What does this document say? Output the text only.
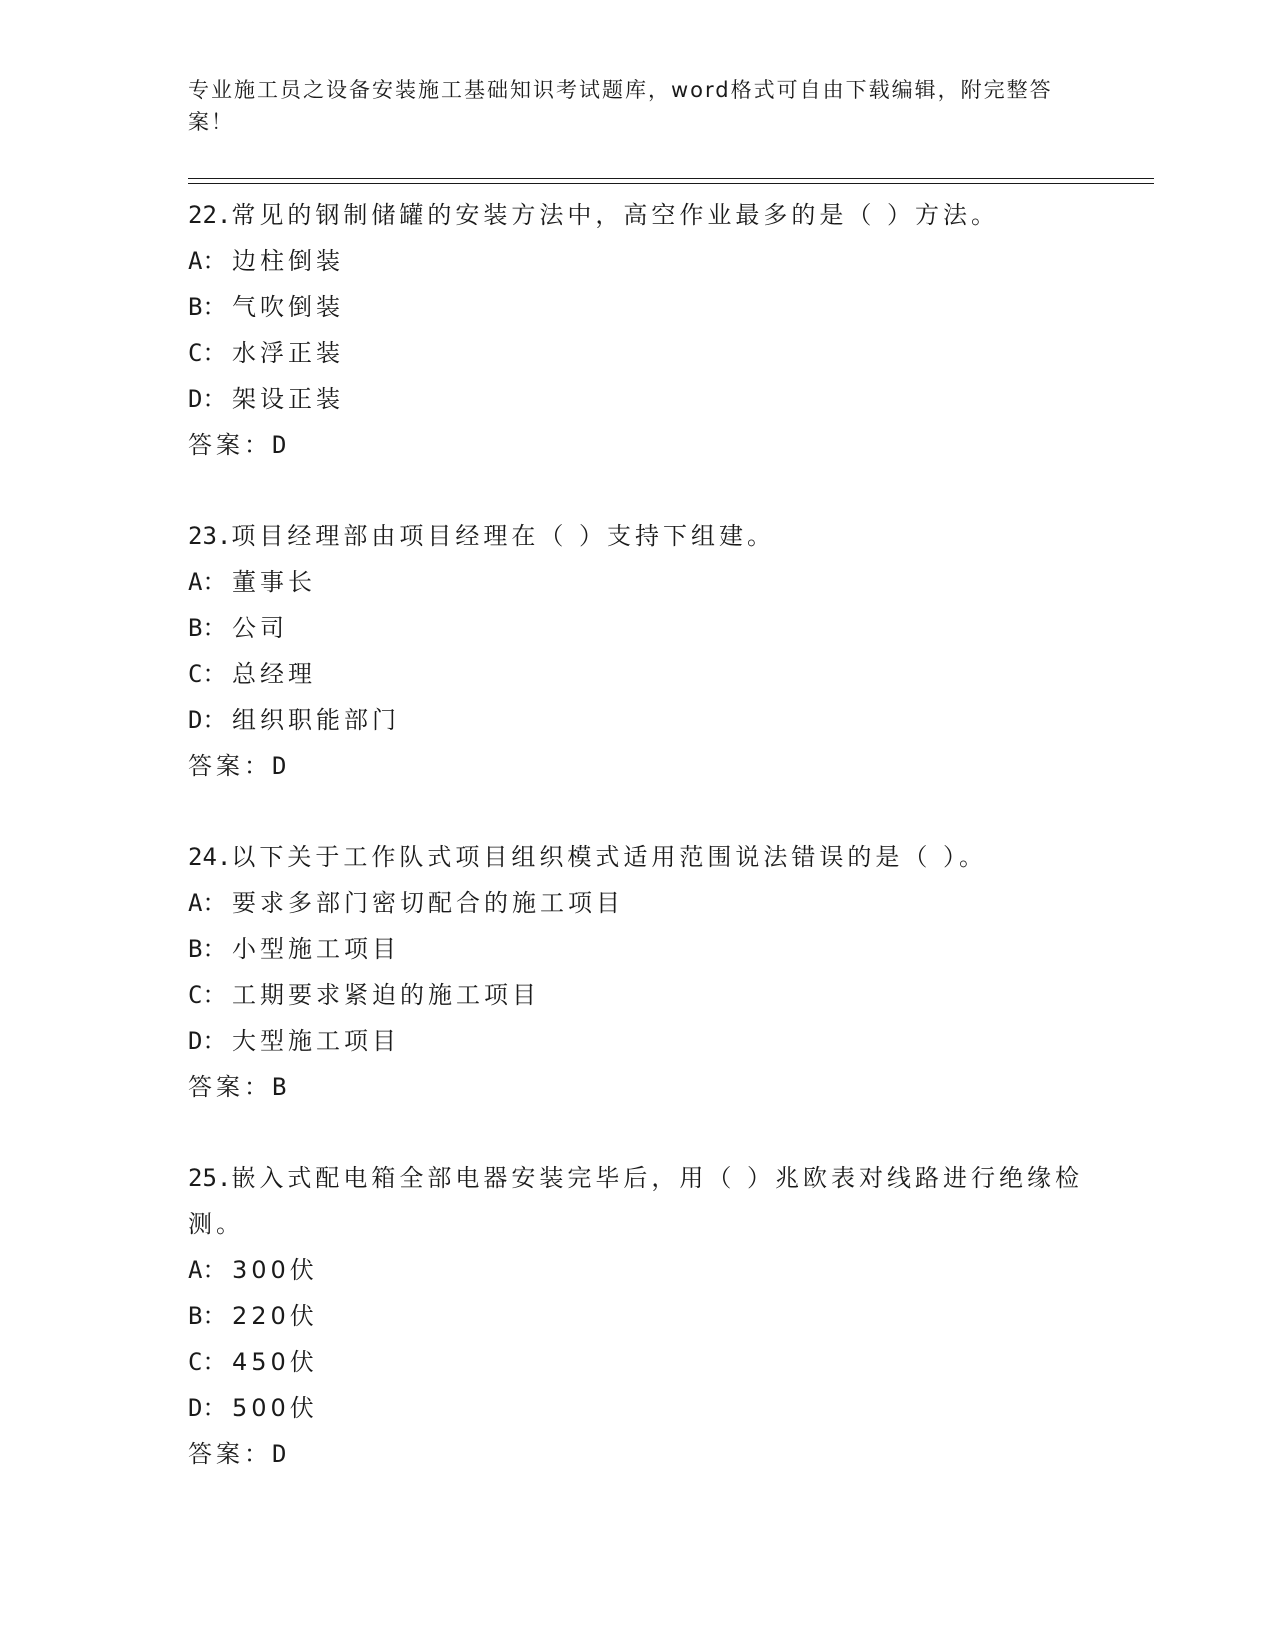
专业施工员之设备安装施工基础知识考试题库，word格式可自由下载编辑，附完整答案！

22.常见的钢制储罐的安装方法中，高空作业最多的是（ ）方法。

A： 边柱倒装

B： 气吹倒装

C： 水浮正装

D： 架设正装

答案：D

23.项目经理部由项目经理在（ ）支持下组建。

A： 董事长

B： 公司

C： 总经理

D： 组织职能部门

答案：D

24.以下关于工作队式项目组织模式适用范围说法错误的是（ ）。

A： 要求多部门密切配合的施工项目

B： 小型施工项目

C： 工期要求紧迫的施工项目

D： 大型施工项目

答案：B

25.嵌入式配电箱全部电器安装完毕后，用（ ）兆欧表对线路进行绝缘检测。

A： 300伏

B： 220伏

C： 450伏

D： 500伏

答案：D
